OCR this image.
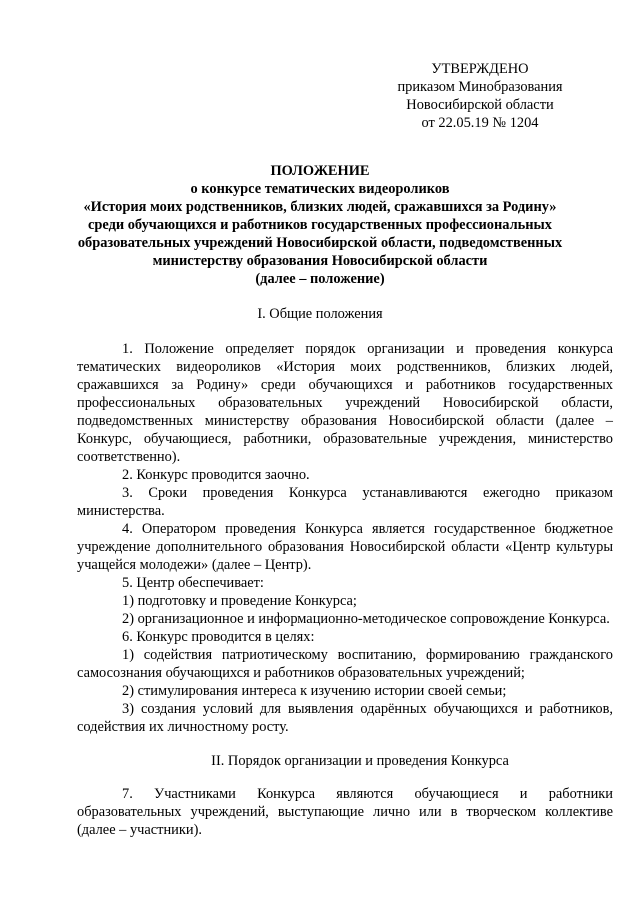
УТВЕРЖДЕНО
приказом Минобразования
Новосибирской области
от 22.05.19 № 1204
ПОЛОЖЕНИЕ
о конкурсе тематических видеороликов
«История моих родственников, близких людей, сражавшихся за Родину»
среди обучающихся и работников государственных профессиональных
образовательных учреждений Новосибирской области, подведомственных
министерству образования Новосибирской области
(далее – положение)
I. Общие положения

1. Положение определяет порядок организации и проведения конкурса тематических видеороликов «История моих родственников, близких людей, сражавшихся за Родину» среди обучающихся и работников государственных профессиональных образовательных учреждений Новосибирской области, подведомственных министерству образования Новосибирской области (далее – Конкурс, обучающиеся, работники, образовательные учреждения, министерство соответственно).

2. Конкурс проводится заочно.

3. Сроки проведения Конкурса устанавливаются ежегодно приказом министерства.

4. Оператором проведения Конкурса является государственное бюджетное учреждение дополнительного образования Новосибирской области «Центр культуры учащейся молодежи» (далее – Центр).

5. Центр обеспечивает:

1) подготовку и проведение Конкурса;

2) организационное и информационно-методическое сопровождение Конкурса.

6. Конкурс проводится в целях:

1) содействия патриотическому воспитанию, формированию гражданского самосознания обучающихся и работников образовательных учреждений;

2) стимулирования интереса к изучению истории своей семьи;

3) создания условий для выявления одарённых обучающихся и работников, содействия их личностному росту.

II. Порядок организации и проведения Конкурса

7. Участниками Конкурса являются обучающиеся и работники образовательных учреждений, выступающие лично или в творческом коллективе (далее – участники).
